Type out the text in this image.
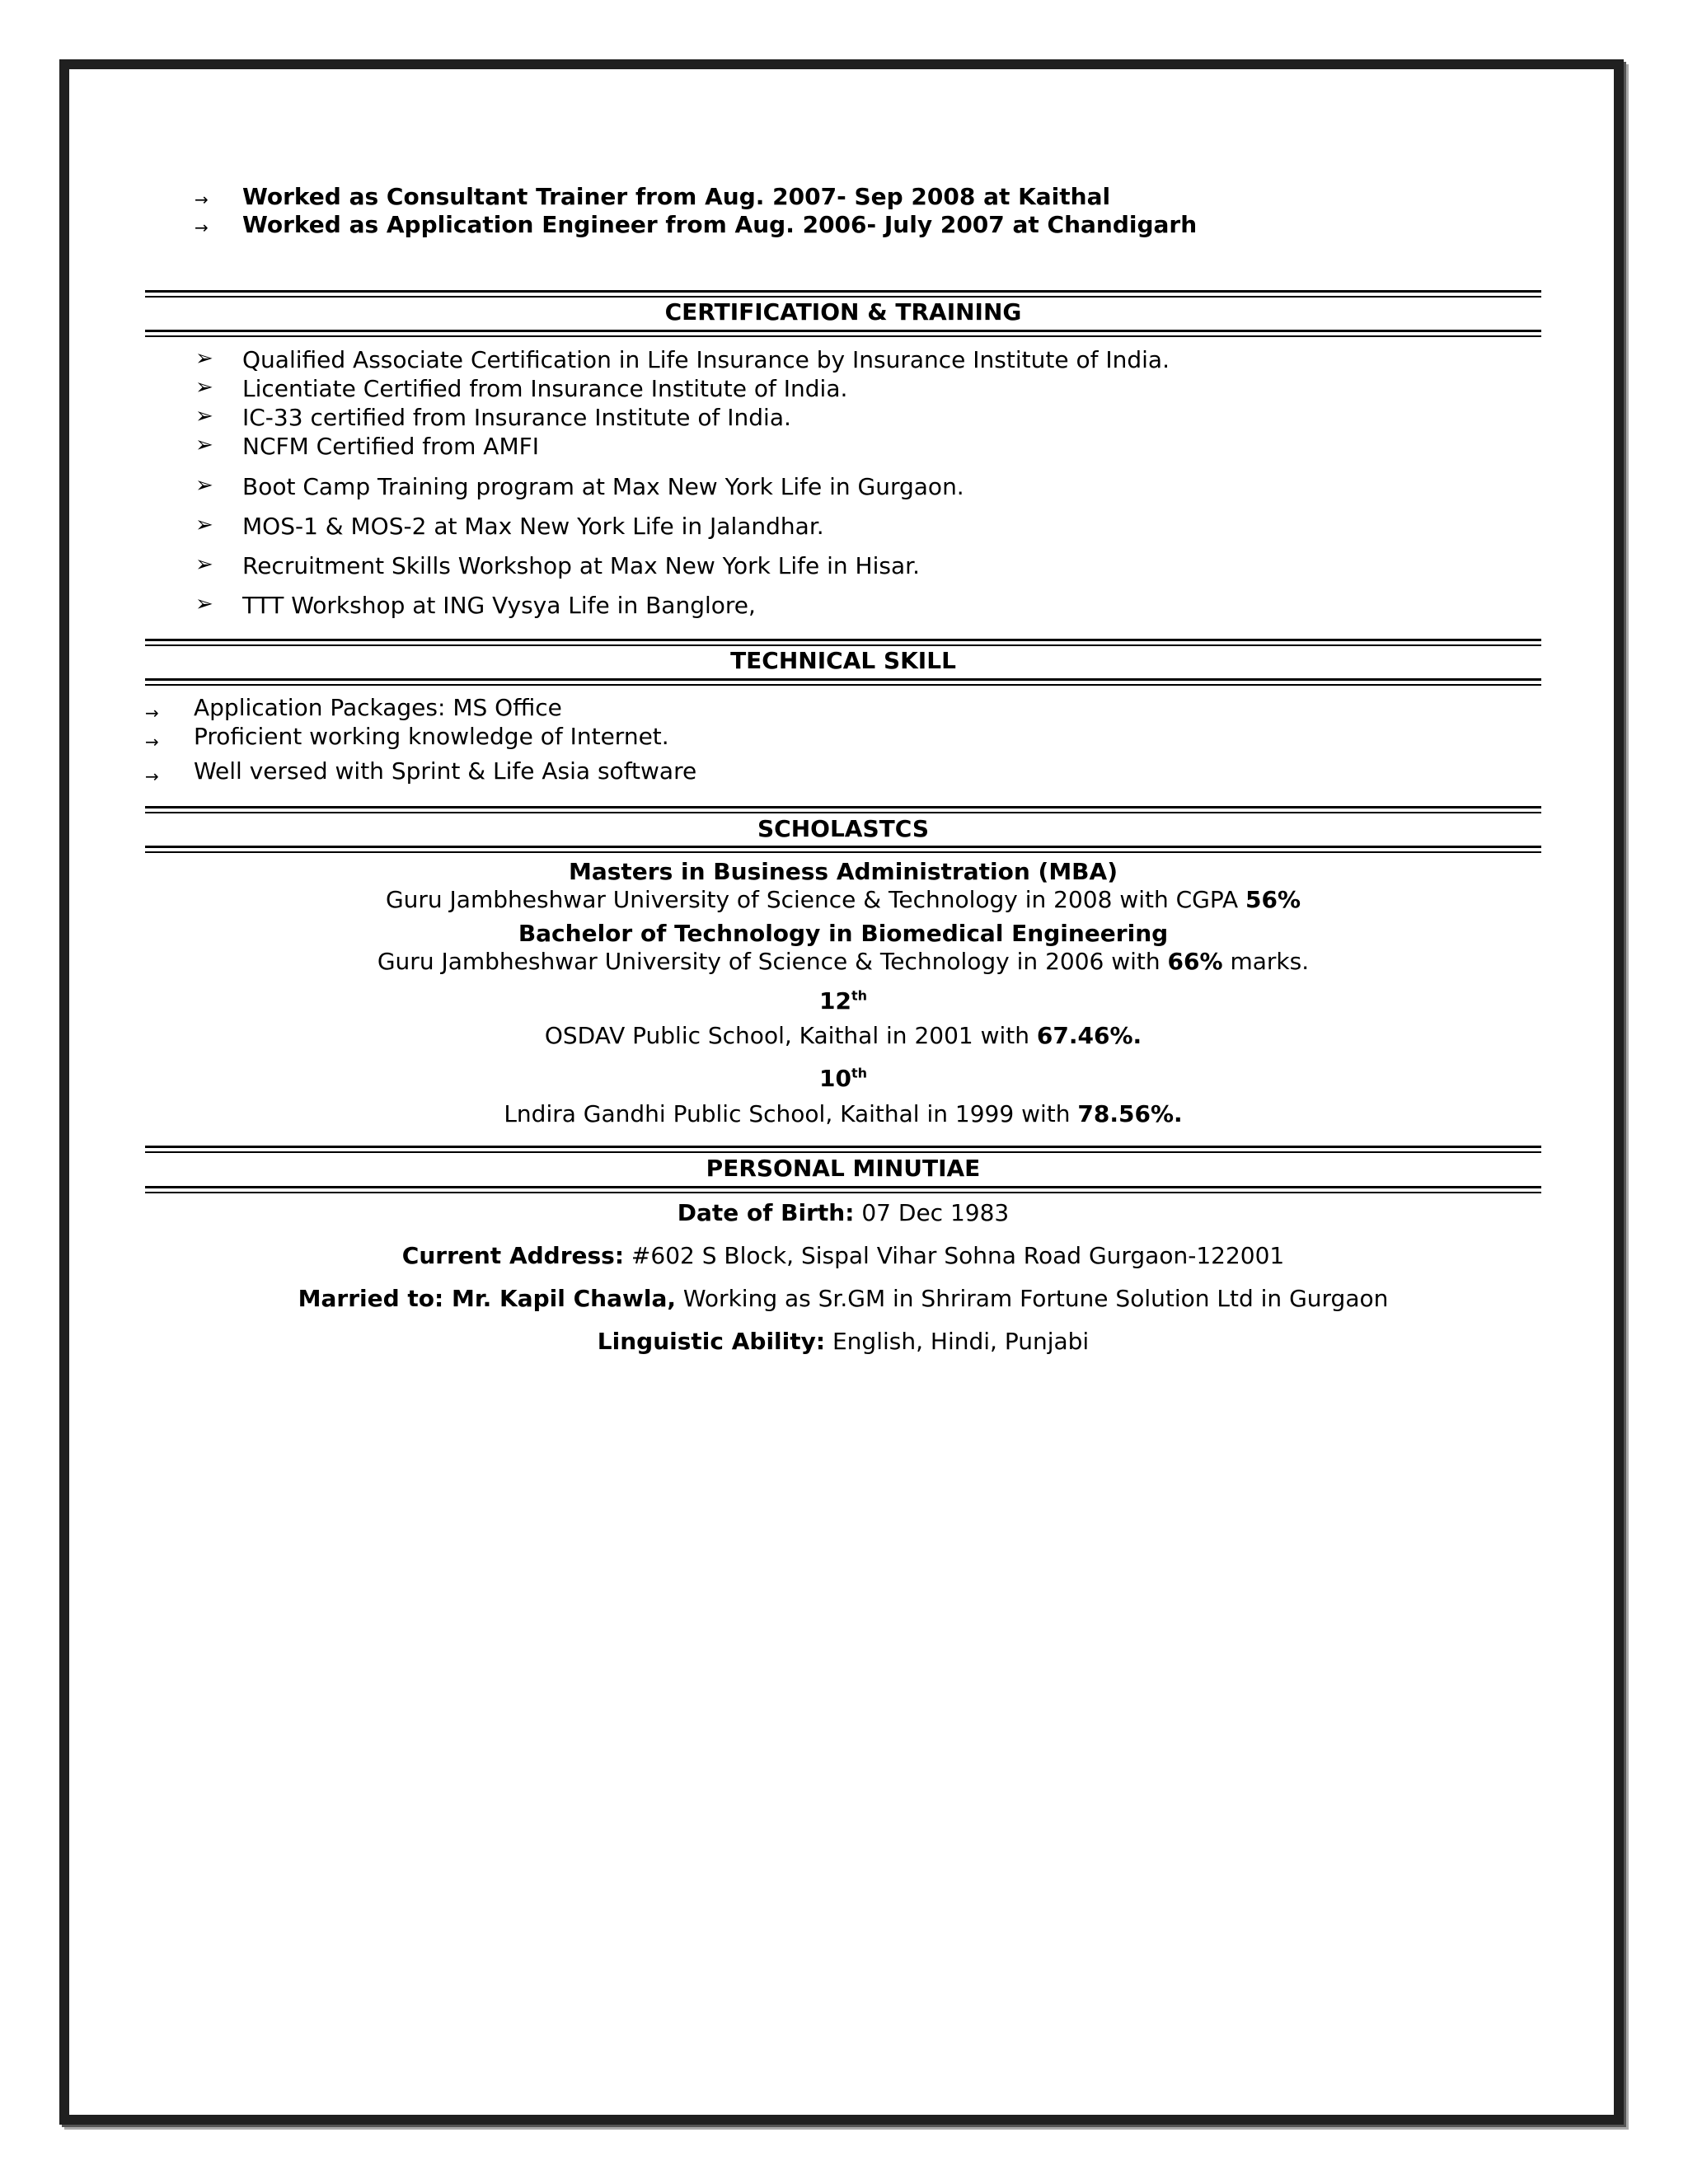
→ Worked as Consultant Trainer from Aug. 2007- Sep 2008 at Kaithal
→ Worked as Application Engineer from Aug. 2006- July 2007 at Chandigarh
CERTIFICATION & TRAINING
➢ Qualified Associate Certification in Life Insurance by Insurance Institute of India.
➢ Licentiate Certified from Insurance Institute of India.
➢ IC-33 certified from Insurance Institute of India.
➢ NCFM Certified from AMFI
➢ Boot Camp Training program at Max New York Life in Gurgaon.
➢ MOS-1 & MOS-2 at Max New York Life in Jalandhar.
➢ Recruitment Skills Workshop at Max New York Life in Hisar.
➢ TTT Workshop at ING Vysya Life in Banglore,
TECHNICAL SKILL
→ Application Packages: MS Office
→ Proficient working knowledge of Internet.
→ Well versed with Sprint & Life Asia software
SCHOLASTCS
Masters in Business Administration (MBA)
Guru Jambheshwar University of Science & Technology in 2008 with CGPA 56%
Bachelor of Technology in Biomedical Engineering
Guru Jambheshwar University of Science & Technology in 2006 with 66% marks.
12th
OSDAV Public School, Kaithal in 2001 with 67.46%.
10th
Lndira Gandhi Public School, Kaithal in 1999 with 78.56%.
PERSONAL MINUTIAE
Date of Birth: 07 Dec 1983
Current Address: #602 S Block, Sispal Vihar Sohna Road Gurgaon-122001
Married to: Mr. Kapil Chawla, Working as Sr.GM in Shriram Fortune Solution Ltd in Gurgaon
Linguistic Ability: English, Hindi, Punjabi
